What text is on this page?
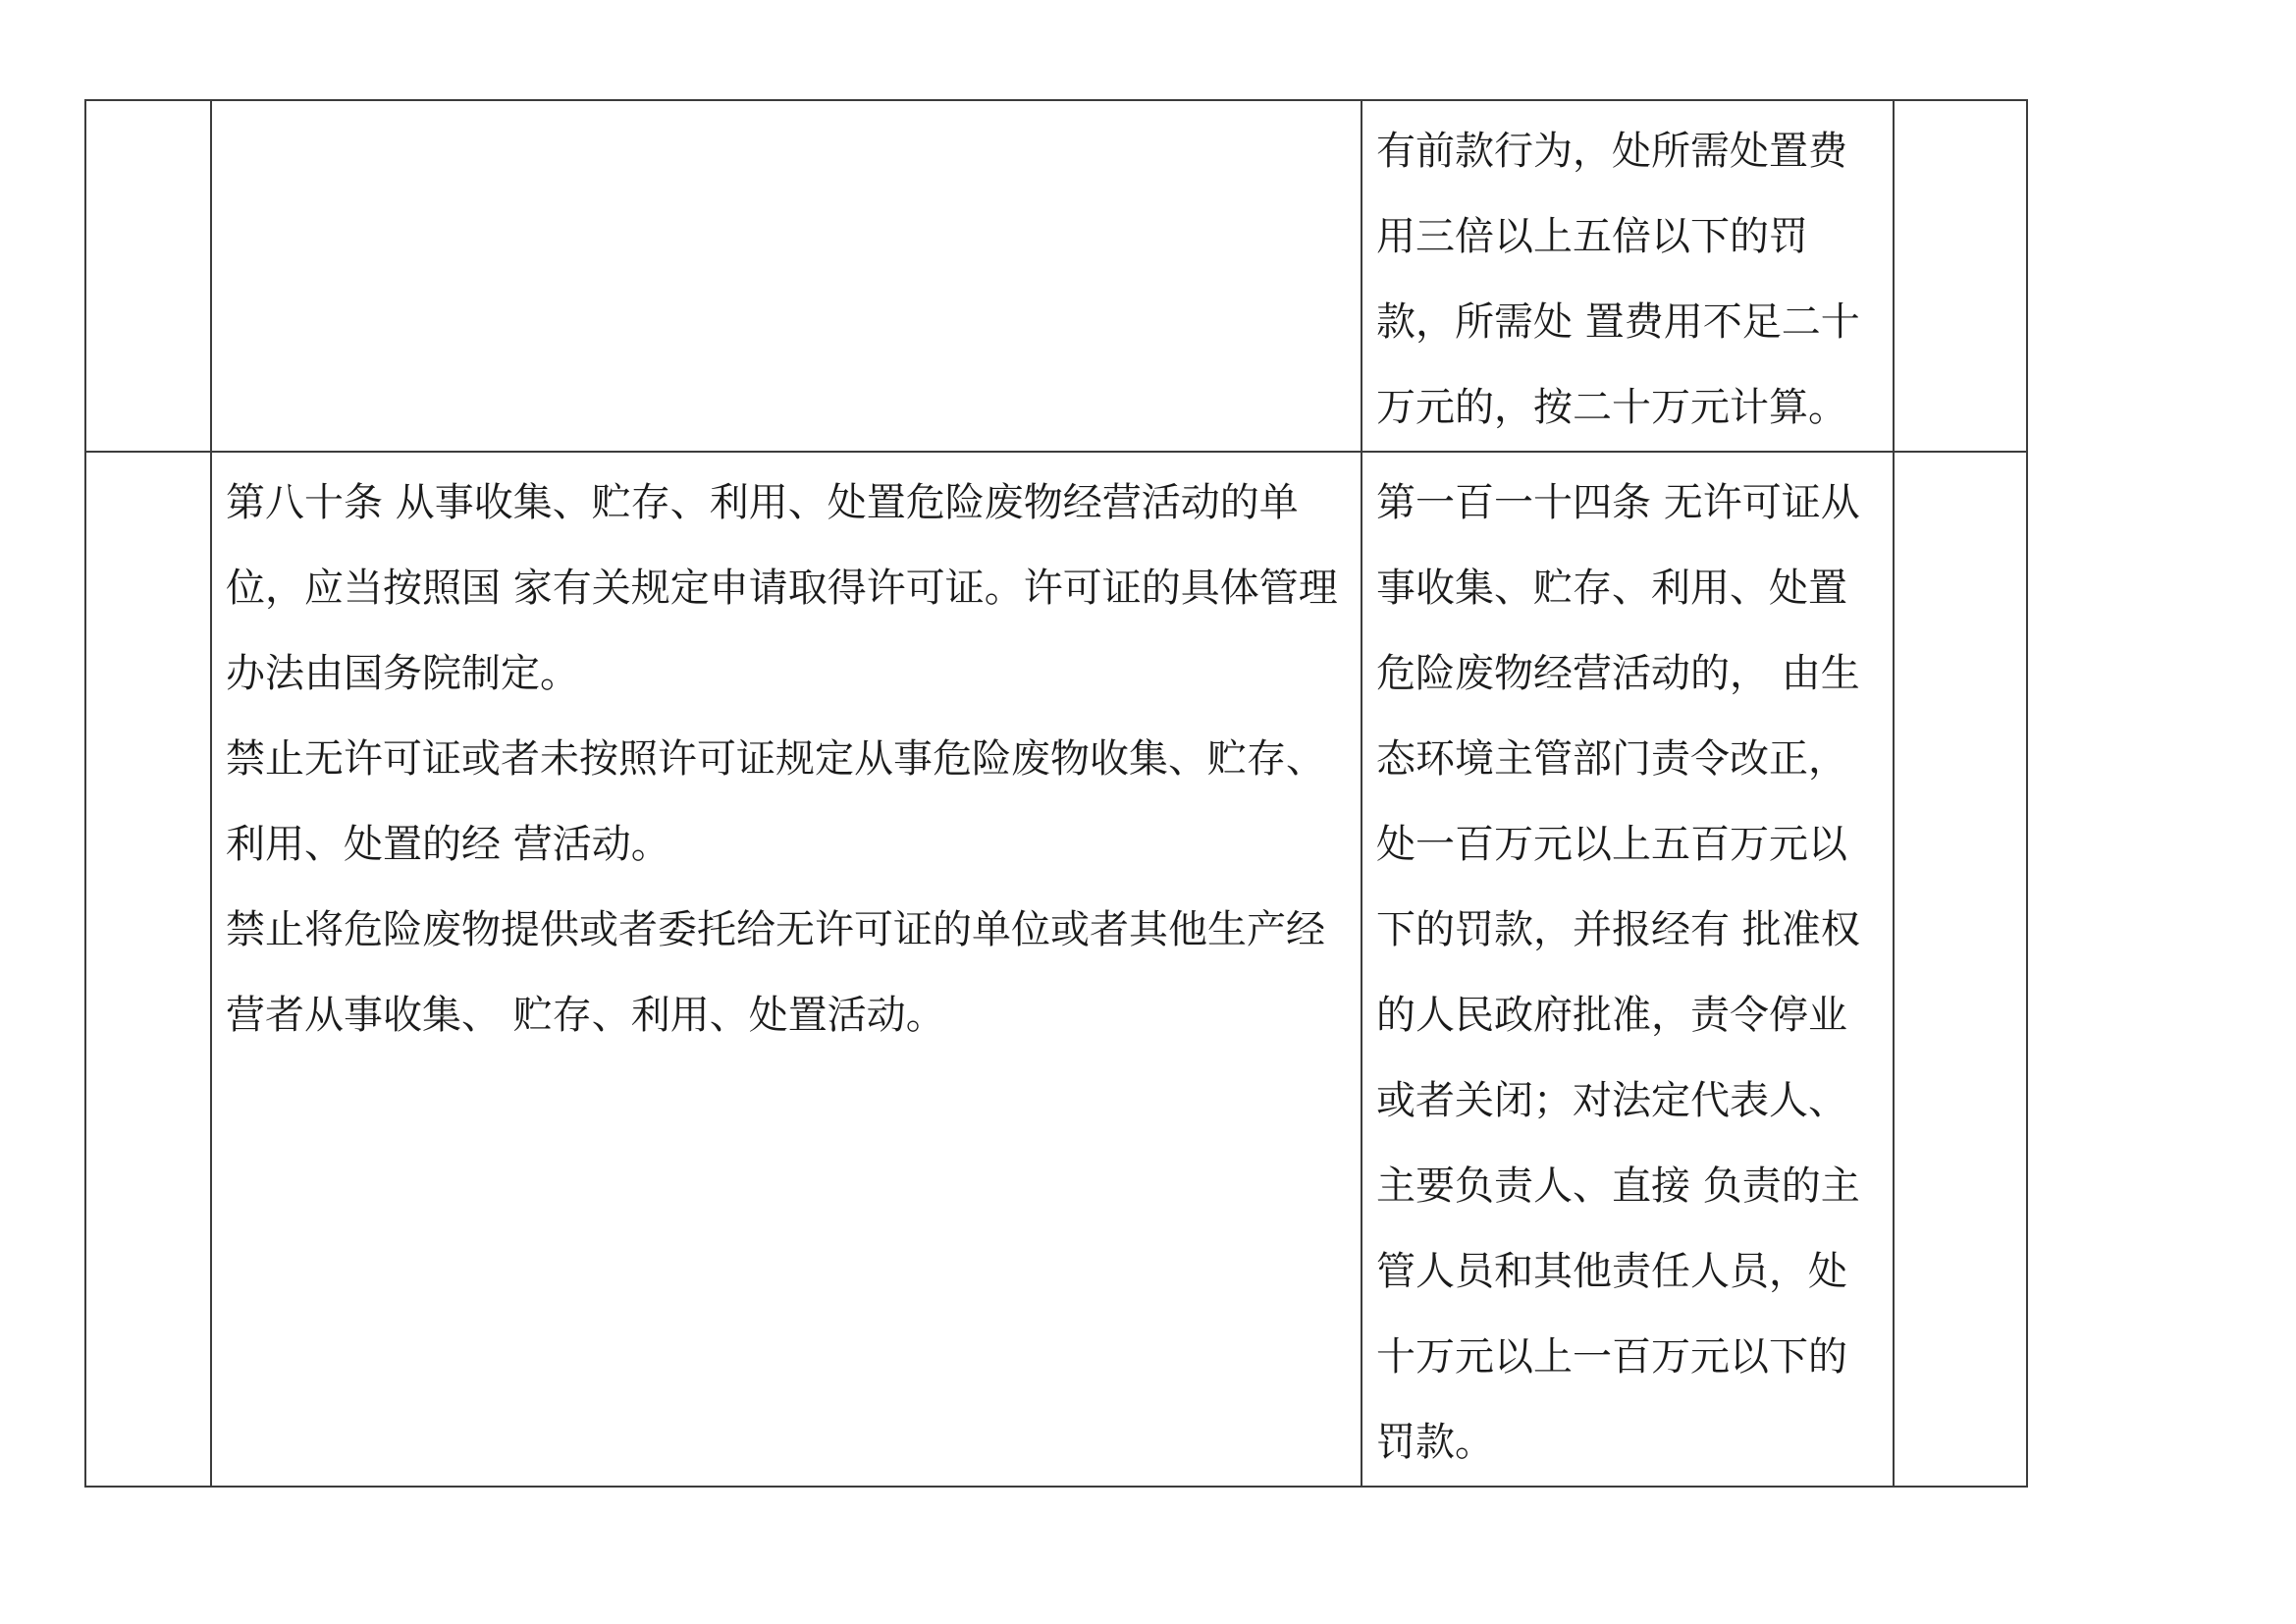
		有前款行为，处所需处置费用三倍以上五倍以下的罚款，所需处 置费用不足二十万元的，按二十万元计算。	

	第八十条 从事收集、贮存、利用、处置危险废物经营活动的单位，应当按照国 家有关规定申请取得许可证。许可证的具体管理办法由国务院制定。

禁止无许可证或者未按照许可证规定从事危险废物收集、贮存、利用、处置的经 营活动。

禁止将危险废物提供或者委托给无许可证的单位或者其他生产经营者从事收集、 贮存、利用、处置活动。	第一百一十四条 无许可证从事收集、贮存、利用、处置危险废物经营活动的， 由生态环境主管部门责令改正，处一百万元以上五百万元以下的罚款，并报经有 批准权的人民政府批准，责令停业或者关闭；对法定代表人、主要负责人、直接 负责的主管人员和其他责任人员，处十万元以上一百万元以下的罚款。	
